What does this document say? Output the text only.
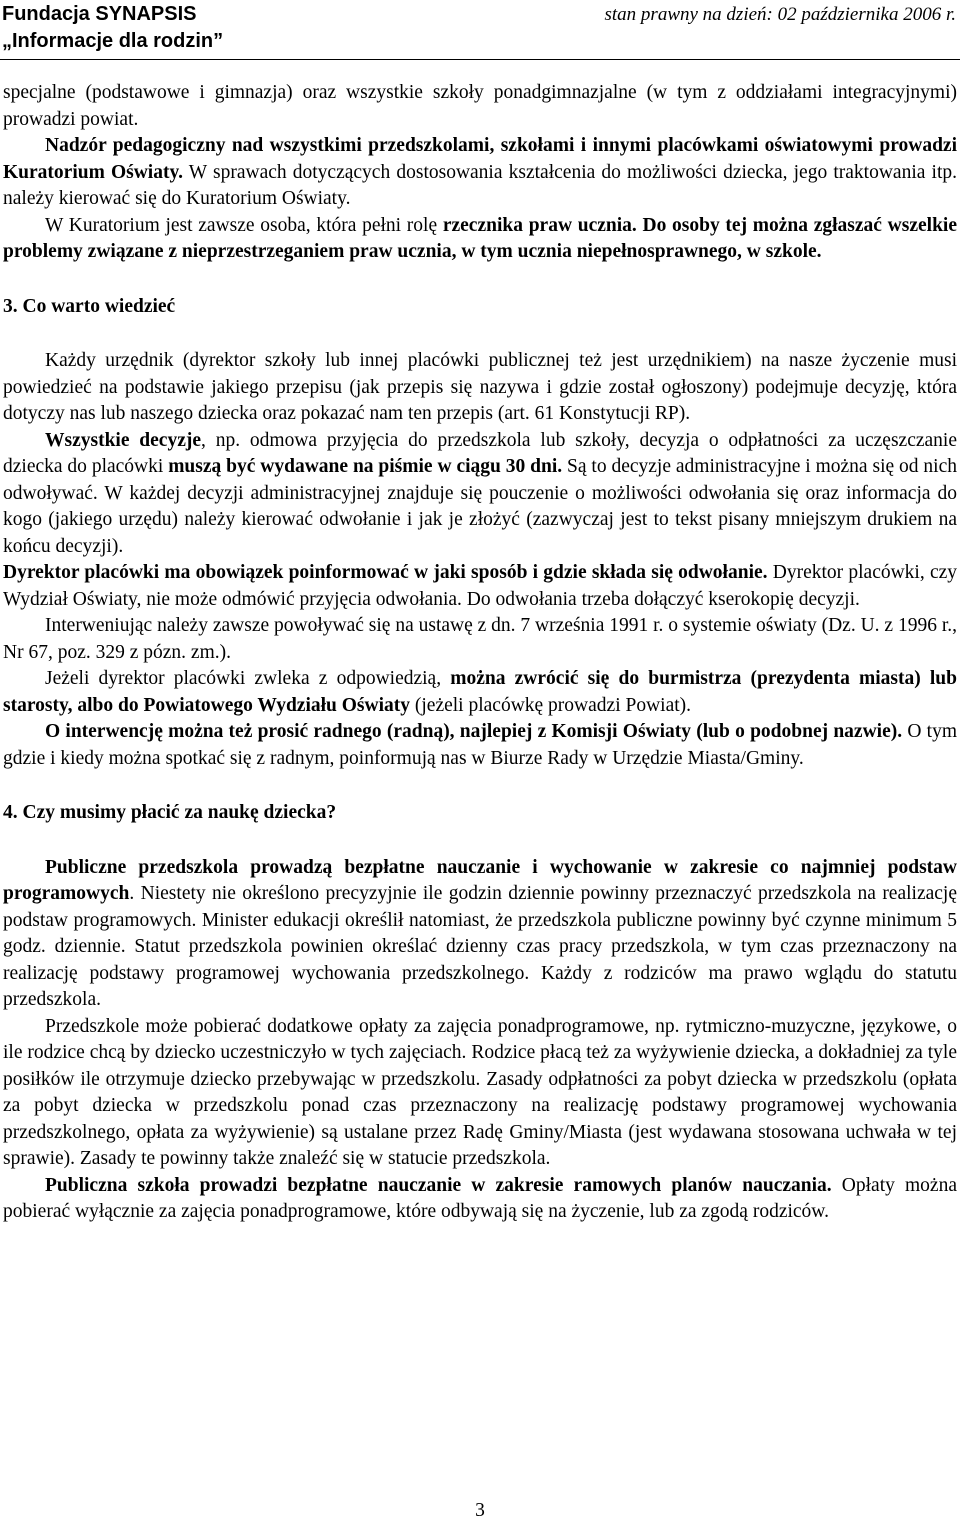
Fundacja SYNAPSIS	stan prawny na dzień: 02 października 2006 r.
„Informacje dla rodzin”

specjalne (podstawowe i gimnazja) oraz wszystkie szkoły ponadgimnazjalne (w tym z oddziałami integracyjnymi) prowadzi powiat.

Nadzór pedagogiczny nad wszystkimi przedszkolami, szkołami i innymi placówkami oświatowymi prowadzi Kuratorium Oświaty. W sprawach dotyczących dostosowania kształcenia do możliwości dziecka, jego traktowania itp. należy kierować się do Kuratorium Oświaty.

W Kuratorium jest zawsze osoba, która pełni rolę rzecznika praw ucznia. Do osoby tej można zgłaszać wszelkie problemy związane z nieprzestrzeganiem praw ucznia, w tym ucznia niepełnosprawnego, w szkole.

3. Co warto wiedzieć

Każdy urzędnik (dyrektor szkoły lub innej placówki publicznej też jest urzędnikiem) na nasze życzenie musi powiedzieć na podstawie jakiego przepisu (jak przepis się nazywa i gdzie został ogłoszony) podejmuje decyzję, która dotyczy nas lub naszego dziecka oraz pokazać nam ten przepis (art. 61 Konstytucji RP).

Wszystkie decyzje, np. odmowa przyjęcia do przedszkola lub szkoły, decyzja o odpłatności za uczęszczanie dziecka do placówki muszą być wydawane na piśmie w ciągu 30 dni. Są to decyzje administracyjne i można się od nich odwoływać. W każdej decyzji administracyjnej znajduje się pouczenie o możliwości odwołania się oraz informacja do kogo (jakiego urzędu) należy kierować odwołanie i jak je złożyć (zazwyczaj jest to tekst pisany mniejszym drukiem na końcu decyzji).

Dyrektor placówki ma obowiązek poinformować w jaki sposób i gdzie składa się odwołanie. Dyrektor placówki, czy Wydział Oświaty, nie może odmówić przyjęcia odwołania. Do odwołania trzeba dołączyć kserokopię decyzji.

Interweniując należy zawsze powoływać się na ustawę z dn. 7 września 1991 r. o systemie oświaty (Dz. U. z 1996 r., Nr 67, poz. 329 z pózn. zm.).

Jeżeli dyrektor placówki zwleka z odpowiedzią, można zwrócić się do burmistrza (prezydenta miasta) lub starosty, albo do Powiatowego Wydziału Oświaty (jeżeli placówkę prowadzi Powiat).

O interwencję można też prosić radnego (radną), najlepiej z Komisji Oświaty (lub o podobnej nazwie). O tym gdzie i kiedy można spotkać się z radnym, poinformują nas w Biurze Rady w Urzędzie Miasta/Gminy.

4. Czy musimy płacić za naukę dziecka?

Publiczne przedszkola prowadzą bezpłatne nauczanie i wychowanie w zakresie co najmniej podstaw programowych. Niestety nie określono precyzyjnie ile godzin dziennie powinny przeznaczyć przedszkola na realizację podstaw programowych. Minister edukacji określił natomiast, że przedszkola publiczne powinny być czynne minimum 5 godz. dziennie. Statut przedszkola powinien określać dzienny czas pracy przedszkola, w tym czas przeznaczony na realizację podstawy programowej wychowania przedszkolnego. Każdy z rodziców ma prawo wglądu do statutu przedszkola.

Przedszkole może pobierać dodatkowe opłaty za zajęcia ponadprogramowe, np. rytmiczno-muzyczne, językowe, o ile rodzice chcą by dziecko uczestniczyło w tych zajęciach. Rodzice płacą też za wyżywienie dziecka, a dokładniej za tyle posiłków ile otrzymuje dziecko przebywając w przedszkolu. Zasady odpłatności za pobyt dziecka w przedszkolu (opłata za pobyt dziecka w przedszkolu ponad czas przeznaczony na realizację podstawy programowej wychowania przedszkolnego, opłata za wyżywienie) są ustalane przez Radę Gminy/Miasta (jest wydawana stosowana uchwała w tej sprawie). Zasady te powinny także znaleźć się w statucie przedszkola.

Publiczna szkoła prowadzi bezpłatne nauczanie w zakresie ramowych planów nauczania. Opłaty można pobierać wyłącznie za zajęcia ponadprogramowe, które odbywają się na życzenie, lub za zgodą rodziców.

3
